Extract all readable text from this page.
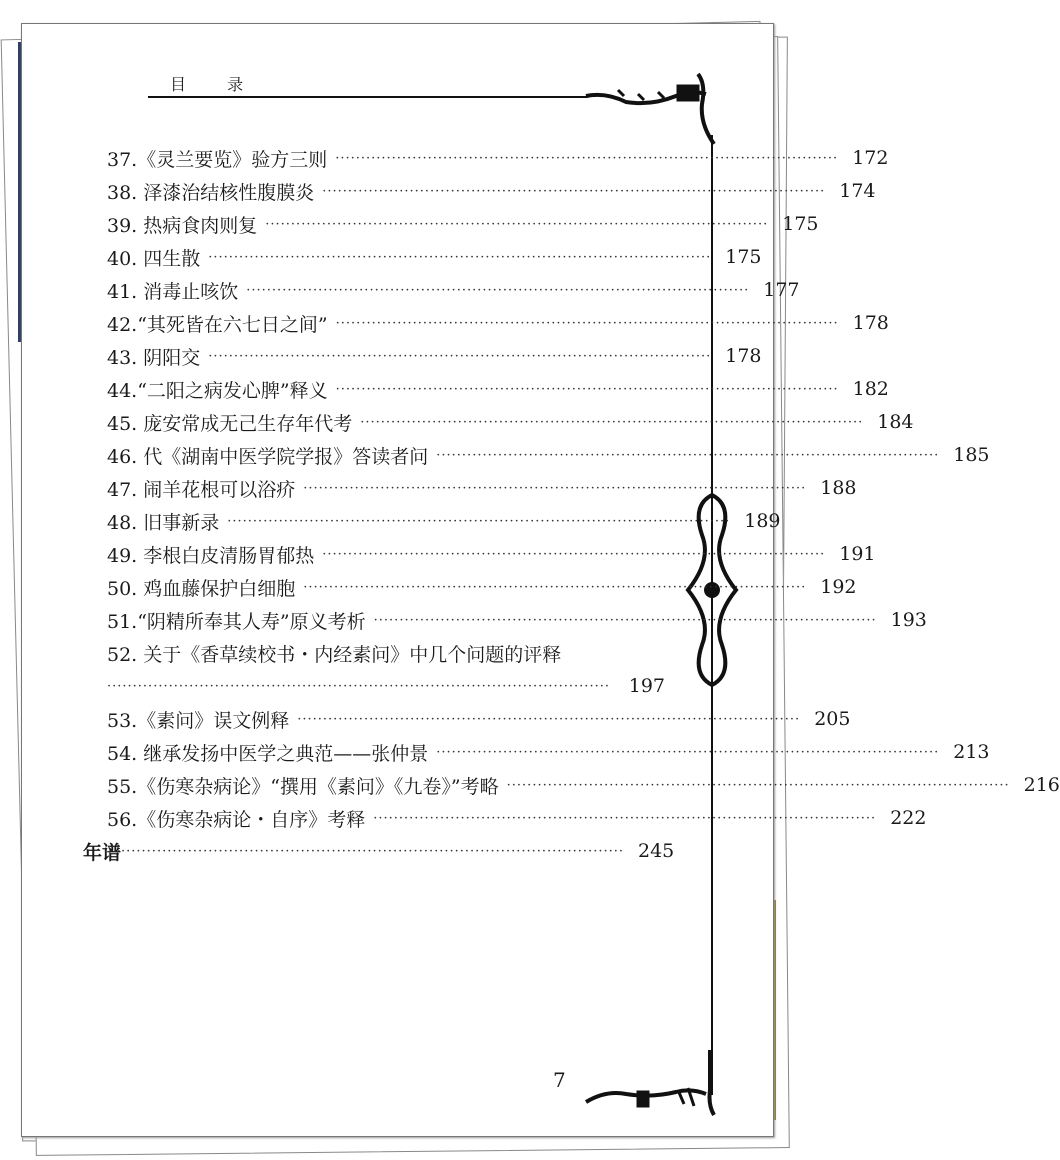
目 录
37.《灵兰要览》验方三则 ·································································································· 172
38. 泽漆治结核性腹膜炎 ·································································································· 174
39. 热病食肉则复 ·································································································· 175
40. 四生散 ·································································································· 175
41. 消毒止咳饮 ·································································································· 177
42.“其死皆在六七日之间” ·································································································· 178
43. 阴阳交 ·································································································· 178
44.“二阳之病发心脾”释义 ·································································································· 182
45. 庞安常成无己生存年代考 ·································································································· 184
46. 代《湖南中医学院学报》答读者问 ·································································································· 185
47. 闹羊花根可以浴疥 ·································································································· 188
48. 旧事新录 ·································································································· 189
49. 李根白皮清肠胃郁热 ·································································································· 191
50. 鸡血藤保护白细胞 ·································································································· 192
51.“阴精所奉其人寿”原义考析 ·································································································· 193
52. 关于《香草续校书・内经素问》中几个问题的评释
·································································································· 197
53.《素问》误文例释 ·································································································· 205
54. 继承发扬中医学之典范——张仲景 ·································································································· 213
55.《伤寒杂病论》“撰用《素问》《九卷》”考略 ·································································································· 216
56.《伤寒杂病论・自序》考释 ·································································································· 222
年谱 ·································································································· 245
7
